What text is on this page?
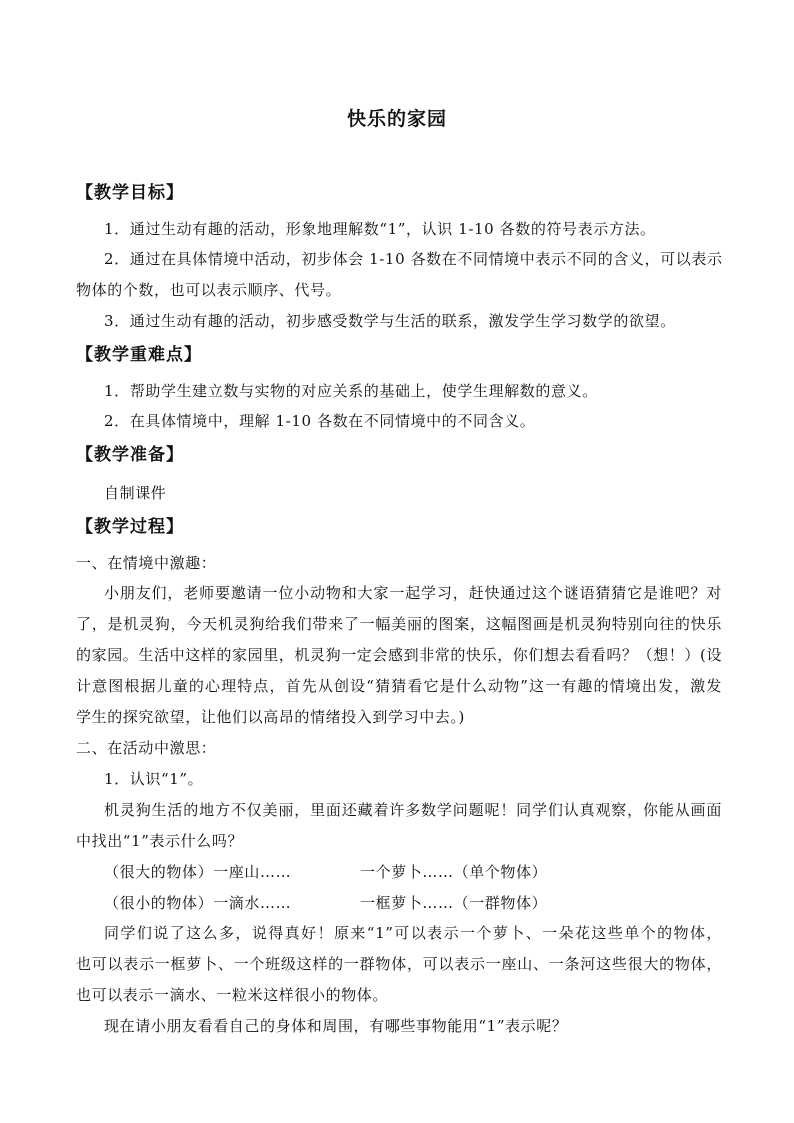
快乐的家园
【教学目标】
1．通过生动有趣的活动，形象地理解数“1”，认识 1-10 各数的符号表示方法。
2．通过在具体情境中活动，初步体会 1-10 各数在不同情境中表示不同的含义，可以表示
物体的个数，也可以表示顺序、代号。
3．通过生动有趣的活动，初步感受数学与生活的联系，激发学生学习数学的欲望。
【教学重难点】
1．帮助学生建立数与实物的对应关系的基础上，使学生理解数的意义。
2．在具体情境中，理解 1-10 各数在不同情境中的不同含义。
【教学准备】
自制课件
【教学过程】
一、在情境中激趣：
小朋友们，老师要邀请一位小动物和大家一起学习，赶快通过这个谜语猜猜它是谁吧？对
了，是机灵狗，今天机灵狗给我们带来了一幅美丽的图案，这幅图画是机灵狗特别向往的快乐
的家园。生活中这样的家园里，机灵狗一定会感到非常的快乐，你们想去看看吗？（想！）(设
计意图根据儿童的心理特点，首先从创设“猜猜看它是什么动物”这一有趣的情境出发，激发
学生的探究欲望，让他们以高昂的情绪投入到学习中去。)
二、在活动中激思：
1．认识“1”。
机灵狗生活的地方不仅美丽，里面还藏着许多数学问题呢！同学们认真观察，你能从画面
中找出“1”表示什么吗？
（很大的物体）一座山……	一个萝卜……（单个物体）
（很小的物体）一滴水……	一框萝卜……（一群物体）
同学们说了这么多，说得真好！原来“1”可以表示一个萝卜、一朵花这些单个的物体，
也可以表示一框萝卜、一个班级这样的一群物体，可以表示一座山、一条河这些很大的物体，
也可以表示一滴水、一粒米这样很小的物体。
现在请小朋友看看自己的身体和周围，有哪些事物能用“1”表示呢？
